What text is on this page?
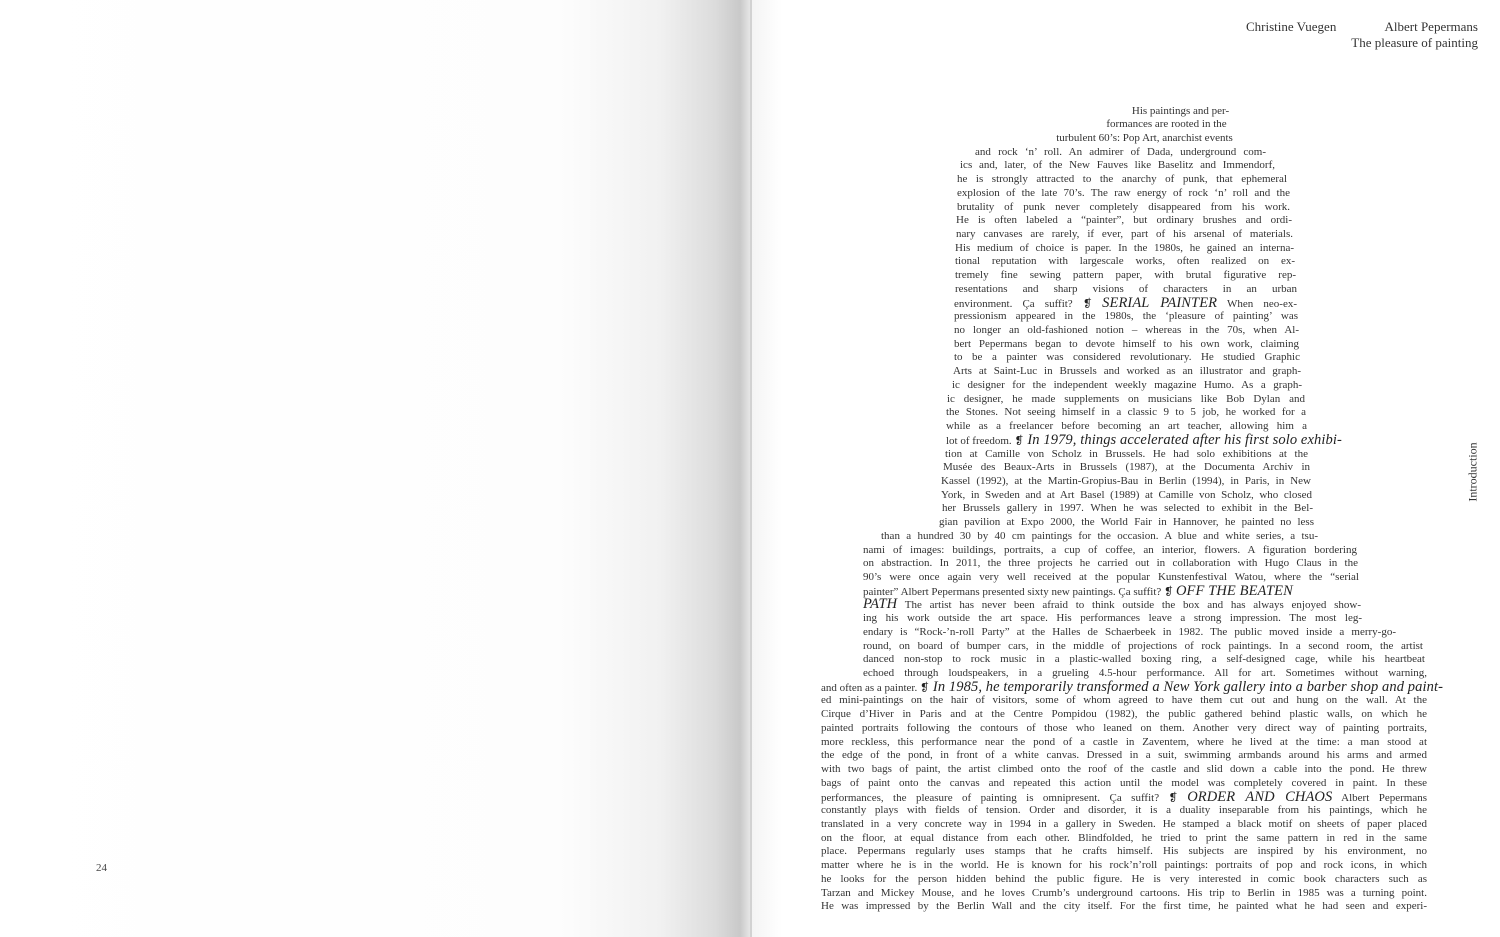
24
Christine Vuegen	Albert Pepermans
The pleasure of painting
Introduction
His paintings and per-
formances are rooted in the
turbulent 60’s: Pop Art, anarchist events
and rock ‘n’ roll. An admirer of Dada, underground com-
ics and, later, of the New Fauves like Baselitz and Immendorf,
he is strongly attracted to the anarchy of punk, that ephemeral
explosion of the late 70’s. The raw energy of rock ‘n’ roll and the
brutality of punk never completely disappeared from his work.
He is often labeled a “painter”, but ordinary brushes and ordi-
nary canvases are rarely, if ever, part of his arsenal of materials.
His medium of choice is paper. In the 1980s, he gained an interna-
tional reputation with largescale works, often realized on ex-
tremely fine sewing pattern paper, with brutal figurative rep-
resentations and sharp visions of characters in an urban
environment. Ça suffit? ❡ SERIAL PAINTER When neo-ex-
pressionism appeared in the 1980s, the ‘pleasure of painting’ was
no longer an old-fashioned notion – whereas in the 70s, when Al-
bert Pepermans began to devote himself to his own work, claiming
to be a painter was considered revolutionary. He studied Graphic
Arts at Saint-Luc in Brussels and worked as an illustrator and graph-
ic designer for the independent weekly magazine Humo. As a graph-
ic designer, he made supplements on musicians like Bob Dylan and
the Stones. Not seeing himself in a classic 9 to 5 job, he worked for a
while as a freelancer before becoming an art teacher, allowing him a
lot of freedom. ❡ In 1979, things accelerated after his first solo exhibi-
tion at Camille von Scholz in Brussels. He had solo exhibitions at the
Musée des Beaux-Arts in Brussels (1987), at the Documenta Archiv in
Kassel (1992), at the Martin-Gropius-Bau in Berlin (1994), in Paris, in New
York, in Sweden and at Art Basel (1989) at Camille von Scholz, who closed
her Brussels gallery in 1997. When he was selected to exhibit in the Bel-
gian pavilion at Expo 2000, the World Fair in Hannover, he painted no less
than a hundred 30 by 40 cm paintings for the occasion. A blue and white series, a tsu-
nami of images: buildings, portraits, a cup of coffee, an interior, flowers. A figuration bordering
on abstraction. In 2011, the three projects he carried out in collaboration with Hugo Claus in the
90’s were once again very well received at the popular Kunstenfestival Watou, where the “serial
painter” Albert Pepermans presented sixty new paintings. Ça suffit? ❡ OFF THE BEATEN
PATH The artist has never been afraid to think outside the box and has always enjoyed show-
ing his work outside the art space. His performances leave a strong impression. The most leg-
endary is “Rock-’n-roll Party” at the Halles de Schaerbeek in 1982. The public moved inside a merry-go-
round, on board of bumper cars, in the middle of projections of rock paintings. In a second room, the artist
danced non-stop to rock music in a plastic-walled boxing ring, a self-designed cage, while his heartbeat
echoed through loudspeakers, in a grueling 4.5-hour performance. All for art. Sometimes without warning,
and often as a painter. ❡ In 1985, he temporarily transformed a New York gallery into a barber shop and paint-
ed mini-paintings on the hair of visitors, some of whom agreed to have them cut out and hung on the wall. At the
Cirque d’Hiver in Paris and at the Centre Pompidou (1982), the public gathered behind plastic walls, on which he
painted portraits following the contours of those who leaned on them. Another very direct way of painting portraits,
more reckless, this performance near the pond of a castle in Zaventem, where he lived at the time: a man stood at
the edge of the pond, in front of a white canvas. Dressed in a suit, swimming armbands around his arms and armed
with two bags of paint, the artist climbed onto the roof of the castle and slid down a cable into the pond. He threw
bags of paint onto the canvas and repeated this action until the model was completely covered in paint. In these
performances, the pleasure of painting is omnipresent. Ça suffit? ❡ ORDER AND CHAOS Albert Pepermans
constantly plays with fields of tension. Order and disorder, it is a duality inseparable from his paintings, which he
translated in a very concrete way in 1994 in a gallery in Sweden. He stamped a black motif on sheets of paper placed
on the floor, at equal distance from each other. Blindfolded, he tried to print the same pattern in red in the same
place. Pepermans regularly uses stamps that he crafts himself. His subjects are inspired by his environment, no
matter where he is in the world. He is known for his rock’n’roll paintings: portraits of pop and rock icons, in which
he looks for the person hidden behind the public figure. He is very interested in comic book characters such as
Tarzan and Mickey Mouse, and he loves Crumb’s underground cartoons. His trip to Berlin in 1985 was a turning point.
He was impressed by the Berlin Wall and the city itself. For the first time, he painted what he had seen and experi-
